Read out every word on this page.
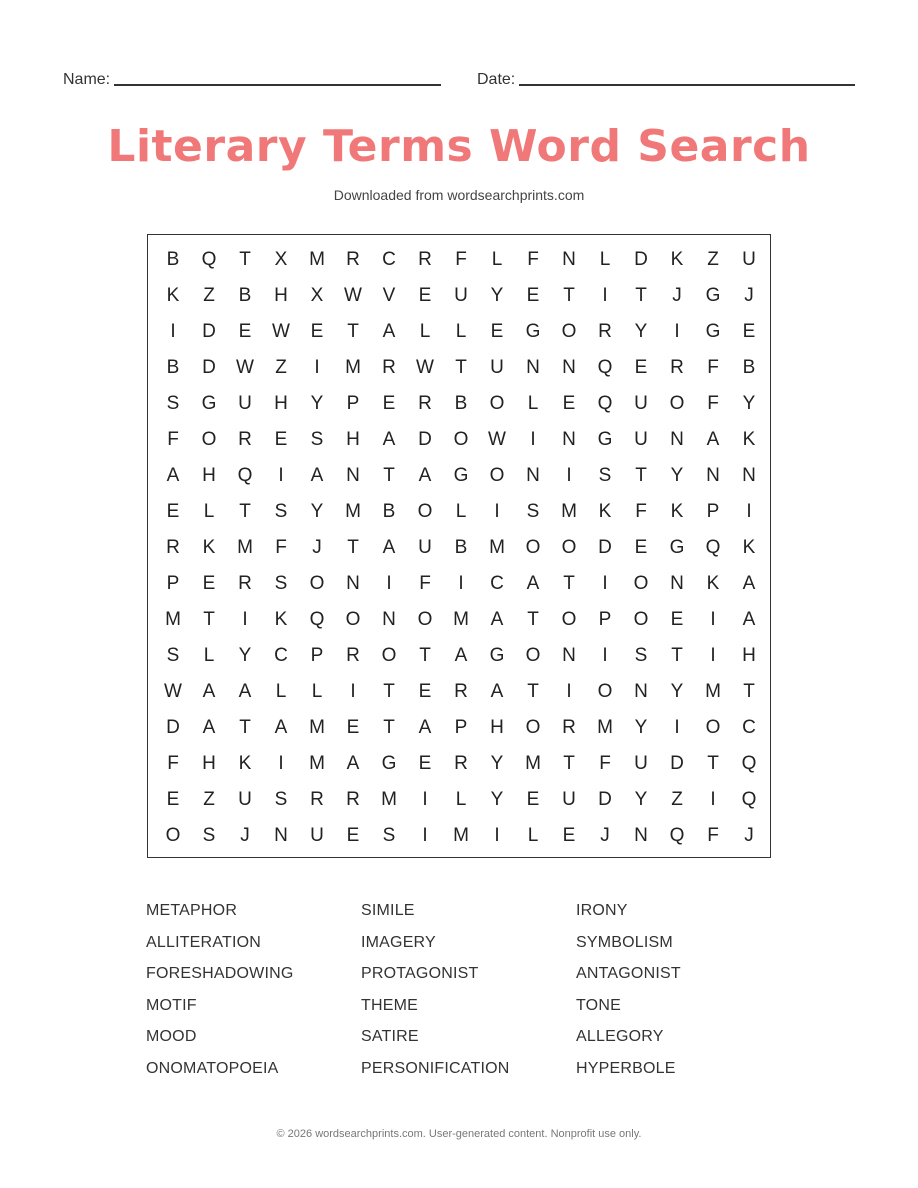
Name:	Date:
Literary Terms Word Search
Downloaded from wordsearchprints.com
B	Q	T	X	M	R	C	R	F	L	F	N	L	D	K	Z	U
K	Z	B	H	X	W	V	E	U	Y	E	T	I	T	J	G	J
I	D	E	W	E	T	A	L	L	E	G	O	R	Y	I	G	E
B	D	W	Z	I	M	R	W	T	U	N	N	Q	E	R	F	B
S	G	U	H	Y	P	E	R	B	O	L	E	Q	U	O	F	Y
F	O	R	E	S	H	A	D	O	W	I	N	G	U	N	A	K
A	H	Q	I	A	N	T	A	G	O	N	I	S	T	Y	N	N
E	L	T	S	Y	M	B	O	L	I	S	M	K	F	K	P	I
R	K	M	F	J	T	A	U	B	M	O	O	D	E	G	Q	K
P	E	R	S	O	N	I	F	I	C	A	T	I	O	N	K	A
M	T	I	K	Q	O	N	O	M	A	T	O	P	O	E	I	A
S	L	Y	C	P	R	O	T	A	G	O	N	I	S	T	I	H
W	A	A	L	L	I	T	E	R	A	T	I	O	N	Y	M	T
D	A	T	A	M	E	T	A	P	H	O	R	M	Y	I	O	C
F	H	K	I	M	A	G	E	R	Y	M	T	F	U	D	T	Q
E	Z	U	S	R	R	M	I	L	Y	E	U	D	Y	Z	I	Q
O	S	J	N	U	E	S	I	M	I	L	E	J	N	Q	F	J
METAPHOR	SIMILE	IRONY
ALLITERATION	IMAGERY	SYMBOLISM
FORESHADOWING	PROTAGONIST	ANTAGONIST
MOTIF	THEME	TONE
MOOD	SATIRE	ALLEGORY
ONOMATOPOEIA	PERSONIFICATION	HYPERBOLE
© 2026 wordsearchprints.com. User-generated content. Nonprofit use only.
